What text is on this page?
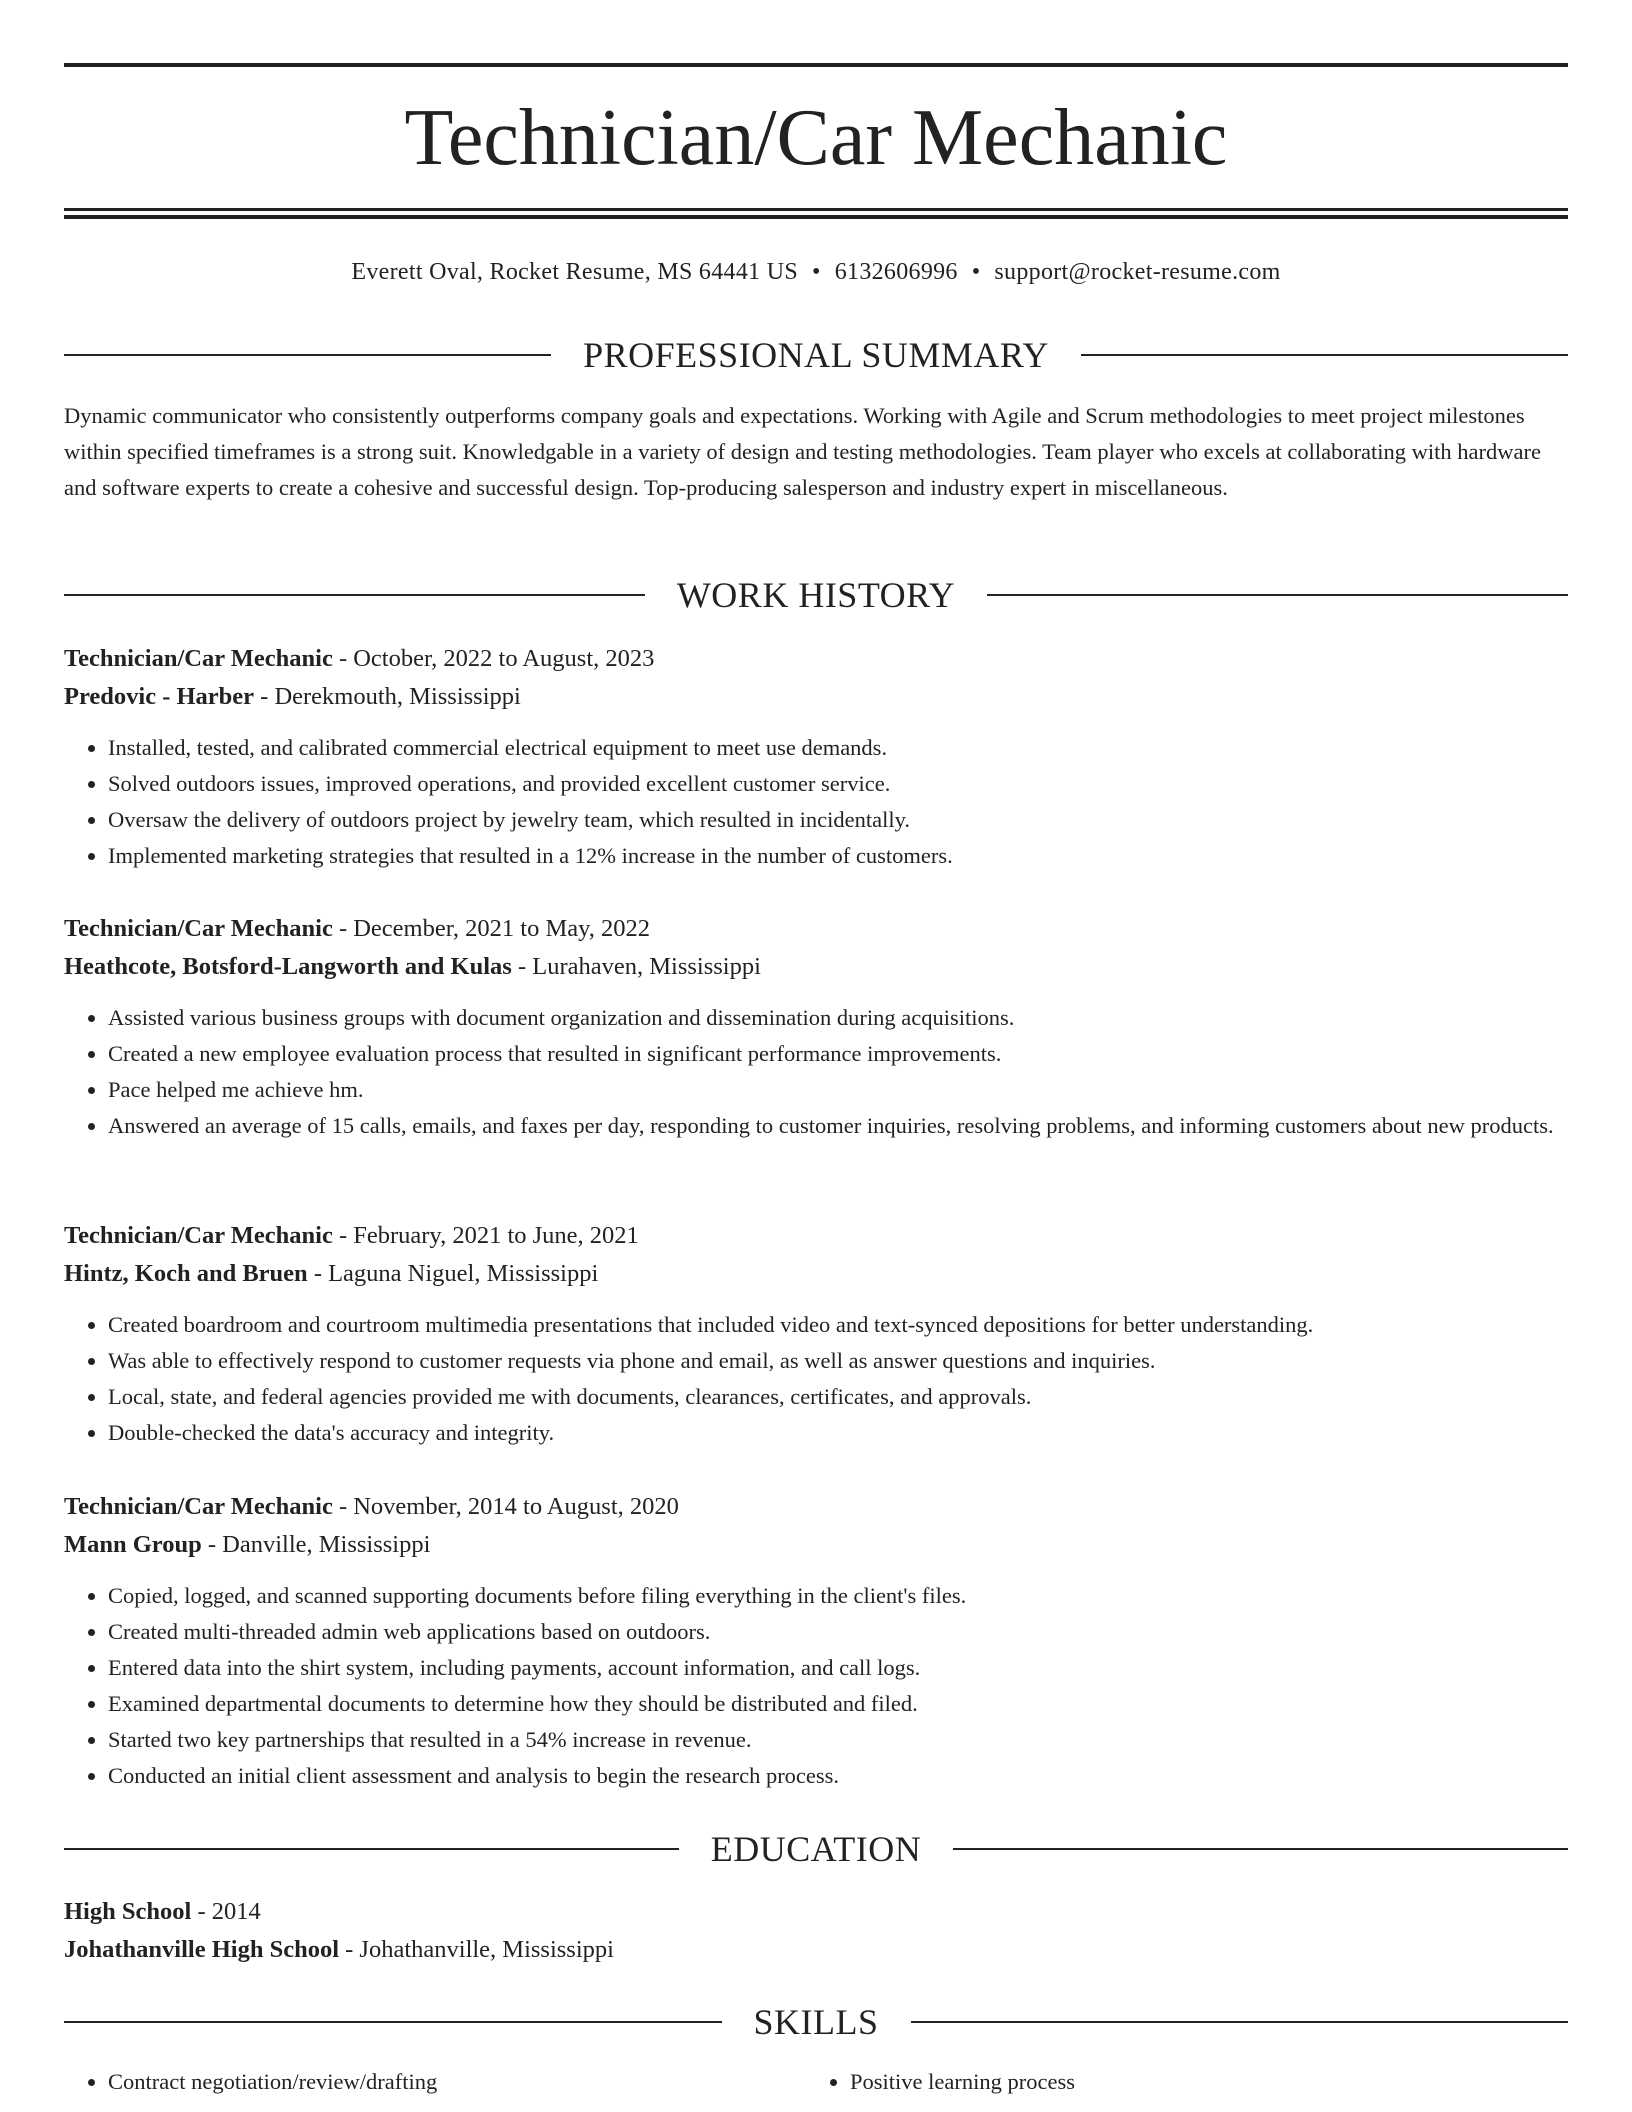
Technician/Car Mechanic
Everett Oval, Rocket Resume, MS 64441 US • 6132606996 • support@rocket-resume.com
PROFESSIONAL SUMMARY

Dynamic communicator who consistently outperforms company goals and expectations. Working with Agile and Scrum methodologies to meet project milestones within specified timeframes is a strong suit. Knowledgable in a variety of design and testing methodologies. Team player who excels at collaborating with hardware and software experts to create a cohesive and successful design. Top-producing salesperson and industry expert in miscellaneous.

WORK HISTORY
Technician/Car Mechanic - October, 2022 to August, 2023
Predovic - Harber - Derekmouth, Mississippi
• Installed, tested, and calibrated commercial electrical equipment to meet use demands.
• Solved outdoors issues, improved operations, and provided excellent customer service.
• Oversaw the delivery of outdoors project by jewelry team, which resulted in incidentally.
• Implemented marketing strategies that resulted in a 12% increase in the number of customers.
Technician/Car Mechanic - December, 2021 to May, 2022
Heathcote, Botsford-Langworth and Kulas - Lurahaven, Mississippi
• Assisted various business groups with document organization and dissemination during acquisitions.
• Created a new employee evaluation process that resulted in significant performance improvements.
• Pace helped me achieve hm.
• Answered an average of 15 calls, emails, and faxes per day, responding to customer inquiries, resolving problems, and informing customers about new products.
Technician/Car Mechanic - February, 2021 to June, 2021
Hintz, Koch and Bruen - Laguna Niguel, Mississippi
• Created boardroom and courtroom multimedia presentations that included video and text-synced depositions for better understanding.
• Was able to effectively respond to customer requests via phone and email, as well as answer questions and inquiries.
• Local, state, and federal agencies provided me with documents, clearances, certificates, and approvals.
• Double-checked the data's accuracy and integrity.
Technician/Car Mechanic - November, 2014 to August, 2020
Mann Group - Danville, Mississippi
• Copied, logged, and scanned supporting documents before filing everything in the client's files.
• Created multi-threaded admin web applications based on outdoors.
• Entered data into the shirt system, including payments, account information, and call logs.
• Examined departmental documents to determine how they should be distributed and filed.
• Started two key partnerships that resulted in a 54% increase in revenue.
• Conducted an initial client assessment and analysis to begin the research process.
EDUCATION
High School - 2014
Johathanville High School - Johathanville, Mississippi
SKILLS
• Contract negotiation/review/drafting
•	Positive learning process
